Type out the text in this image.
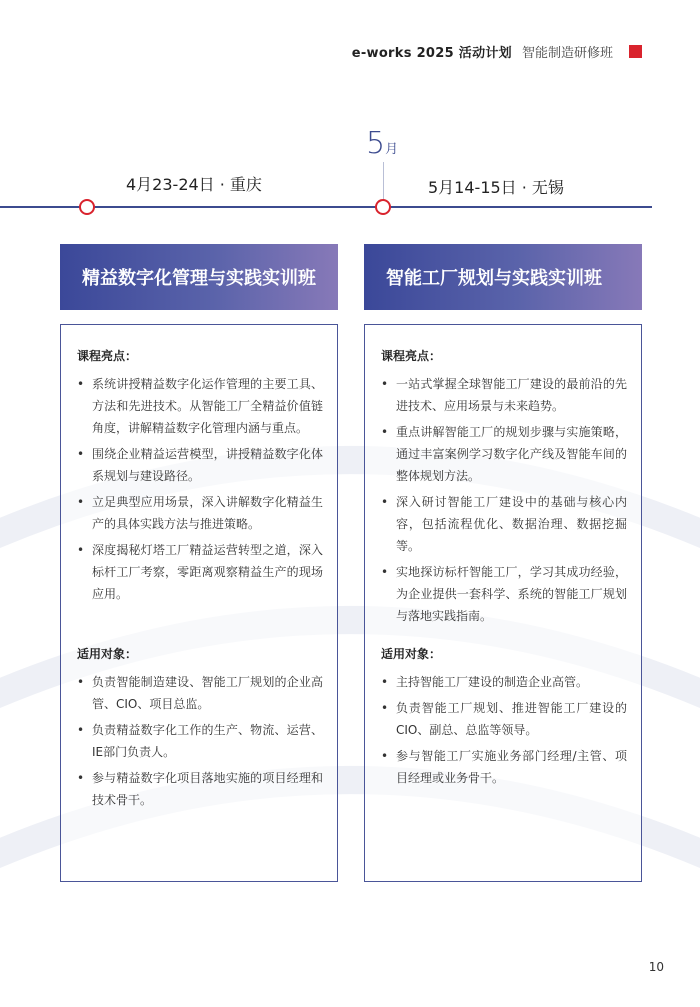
e-works 2025 活动计划 智能制造研修班
5月
4月23-24日 · 重庆	5月14-15日 · 无锡
精益数字化管理与实践实训班	智能工厂规划与实践实训班
课程亮点：
• 系统讲授精益数字化运作管理的主要工具、方法和先进技术。从智能工厂全精益价值链角度，讲解精益数字化管理内涵与重点。
• 围绕企业精益运营模型，讲授精益数字化体系规划与建设路径。
• 立足典型应用场景，深入讲解数字化精益生产的具体实践方法与推进策略。
• 深度揭秘灯塔工厂精益运营转型之道，深入标杆工厂考察，零距离观察精益生产的现场应用。
适用对象：
• 负责智能制造建设、智能工厂规划的企业高管、CIO、项目总监。
• 负责精益数字化工作的生产、物流、运营、IE部门负责人。
• 参与精益数字化项目落地实施的项目经理和技术骨干。
课程亮点：
• 一站式掌握全球智能工厂建设的最前沿的先进技术、应用场景与未来趋势。
• 重点讲解智能工厂的规划步骤与实施策略，通过丰富案例学习数字化产线及智能车间的整体规划方法。
• 深入研讨智能工厂建设中的基础与核心内容，包括流程优化、数据治理、数据挖掘等。
• 实地探访标杆智能工厂，学习其成功经验，为企业提供一套科学、系统的智能工厂规划与落地实践指南。
适用对象：
• 主持智能工厂建设的制造企业高管。
• 负责智能工厂规划、推进智能工厂建设的CIO、副总、总监等领导。
• 参与智能工厂实施业务部门经理/主管、项目经理或业务骨干。
10
